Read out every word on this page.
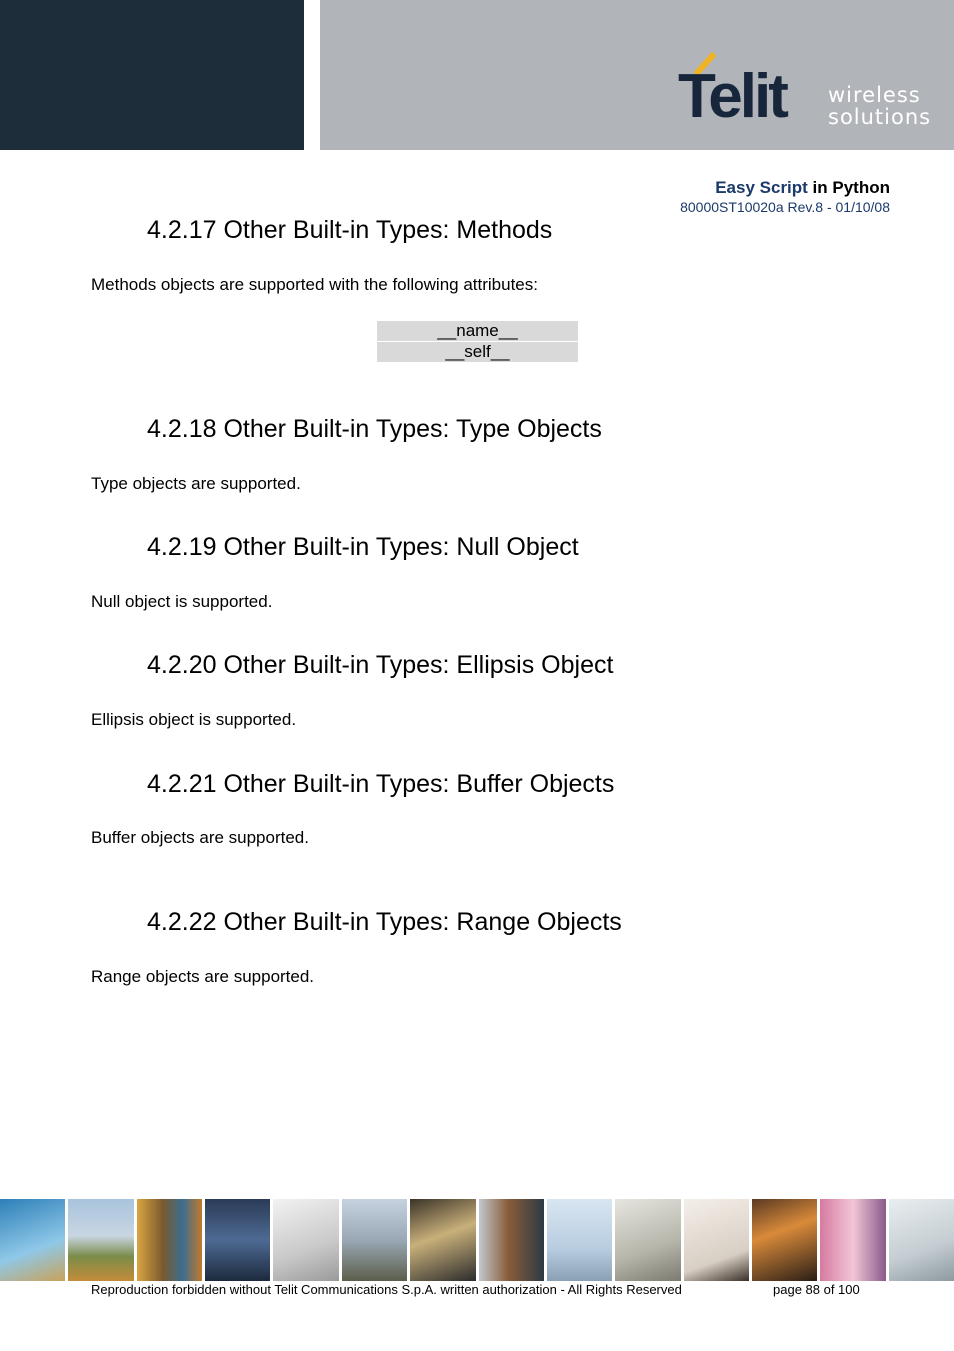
Telit wireless
solutions
Easy Script in Python
80000ST10020a Rev.8 - 01/10/08
4.2.17 Other Built-in Types: Methods

Methods objects are supported with the following attributes:

__name__
__self__
4.2.18 Other Built-in Types: Type Objects

Type objects are supported.

4.2.19 Other Built-in Types: Null Object

Null object is supported.

4.2.20 Other Built-in Types: Ellipsis Object

Ellipsis object is supported.

4.2.21 Other Built-in Types: Buffer Objects

Buffer objects are supported.

4.2.22 Other Built-in Types: Range Objects

Range objects are supported.

Reproduction forbidden without Telit Communications S.p.A. written authorization - All Rights Reserved	page 88 of 100
